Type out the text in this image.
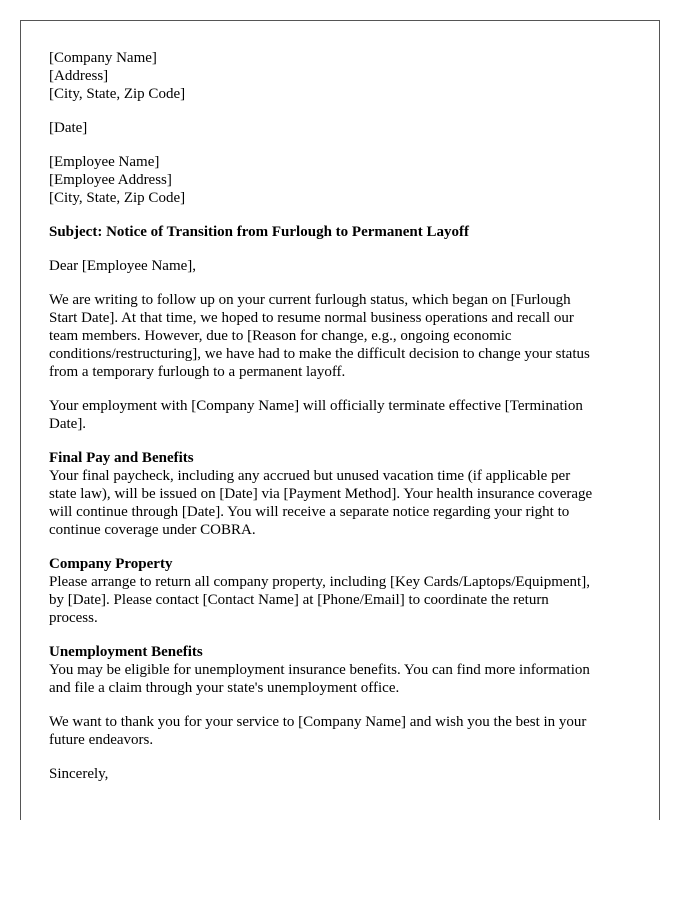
[Company Name]
[Address]
[City, State, Zip Code]
[Date]
[Employee Name]
[Employee Address]
[City, State, Zip Code]
Subject: Notice of Transition from Furlough to Permanent Layoff
Dear [Employee Name],
We are writing to follow up on your current furlough status, which began on [Furlough
Start Date]. At that time, we hoped to resume normal business operations and recall our
team members. However, due to [Reason for change, e.g., ongoing economic
conditions/restructuring], we have had to make the difficult decision to change your status
from a temporary furlough to a permanent layoff.
Your employment with [Company Name] will officially terminate effective [Termination
Date].
Final Pay and Benefits
Your final paycheck, including any accrued but unused vacation time (if applicable per
state law), will be issued on [Date] via [Payment Method]. Your health insurance coverage
will continue through [Date]. You will receive a separate notice regarding your right to
continue coverage under COBRA.
Company Property
Please arrange to return all company property, including [Key Cards/Laptops/Equipment],
by [Date]. Please contact [Contact Name] at [Phone/Email] to coordinate the return
process.
Unemployment Benefits
You may be eligible for unemployment insurance benefits. You can find more information
and file a claim through your state's unemployment office.
We want to thank you for your service to [Company Name] and wish you the best in your
future endeavors.
Sincerely,
